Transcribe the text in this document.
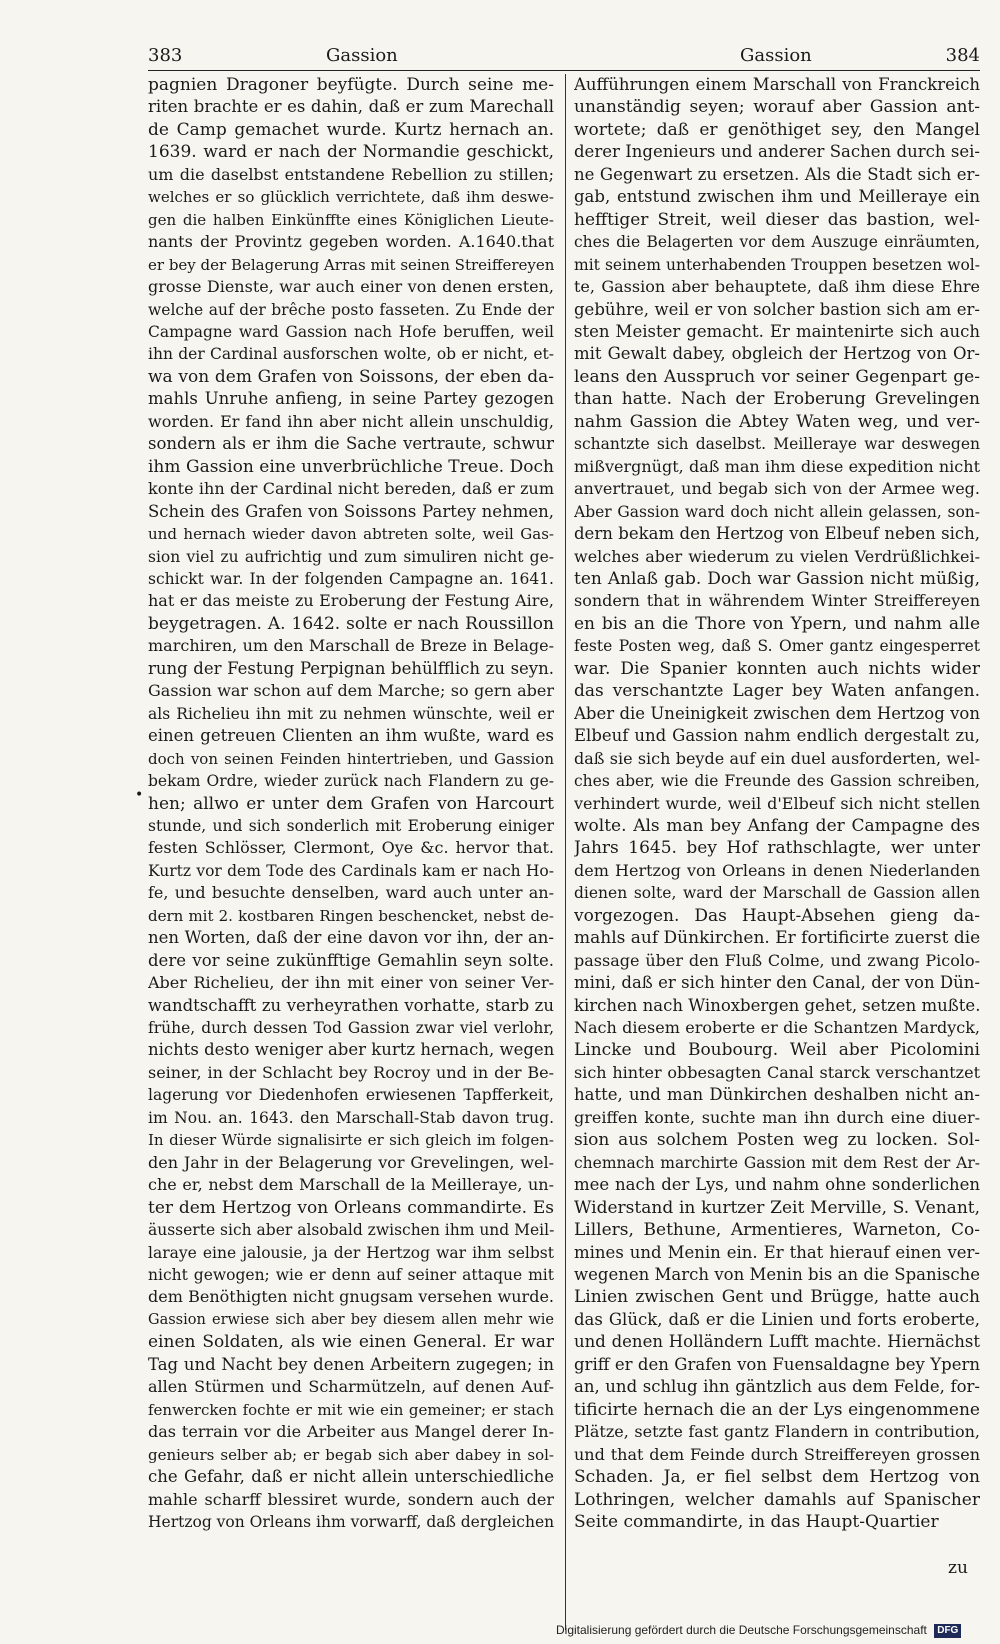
383	Gassion	Gassion	384
pagnien Dragoner beyfügte. Durch seine me-
riten brachte er es dahin, daß er zum Marechall
de Camp gemachet wurde. Kurtz hernach an.
1639. ward er nach der Normandie geschickt,
um die daselbst entstandene Rebellion zu stillen;
welches er so glücklich verrichtete, daß ihm deswe-
gen die halben Einkünffte eines Königlichen Lieute-
nants der Provintz gegeben worden. A.1640.that
er bey der Belagerung Arras mit seinen Streiffereyen
grosse Dienste, war auch einer von denen ersten,
welche auf der brêche posto fasseten. Zu Ende der
Campagne ward Gassion nach Hofe beruffen, weil
ihn der Cardinal ausforschen wolte, ob er nicht, et-
wa von dem Grafen von Soissons, der eben da-
mahls Unruhe anfieng, in seine Partey gezogen
worden. Er fand ihn aber nicht allein unschuldig,
sondern als er ihm die Sache vertraute, schwur
ihm Gassion eine unverbrüchliche Treue. Doch
konte ihn der Cardinal nicht bereden, daß er zum
Schein des Grafen von Soissons Partey nehmen,
und hernach wieder davon abtreten solte, weil Gas-
sion viel zu aufrichtig und zum simuliren nicht ge-
schickt war. In der folgenden Campagne an. 1641.
hat er das meiste zu Eroberung der Festung Aire,
beygetragen. A. 1642. solte er nach Roussillon
marchiren, um den Marschall de Breze in Belage-
rung der Festung Perpignan behülfflich zu seyn.
Gassion war schon auf dem Marche; so gern aber
als Richelieu ihn mit zu nehmen wünschte, weil er
einen getreuen Clienten an ihm wußte, ward es
doch von seinen Feinden hintertrieben, und Gassion
bekam Ordre, wieder zurück nach Flandern zu ge-
hen; allwo er unter dem Grafen von Harcourt
stunde, und sich sonderlich mit Eroberung einiger
festen Schlösser, Clermont, Oye &c. hervor that.
Kurtz vor dem Tode des Cardinals kam er nach Ho-
fe, und besuchte denselben, ward auch unter an-
dern mit 2. kostbaren Ringen beschencket, nebst de-
nen Worten, daß der eine davon vor ihn, der an-
dere vor seine zukünfftige Gemahlin seyn solte.
Aber Richelieu, der ihn mit einer von seiner Ver-
wandtschafft zu verheyrathen vorhatte, starb zu
frühe, durch dessen Tod Gassion zwar viel verlohr,
nichts desto weniger aber kurtz hernach, wegen
seiner, in der Schlacht bey Rocroy und in der Be-
lagerung vor Diedenhofen erwiesenen Tapfferkeit,
im Nou. an. 1643. den Marschall-Stab davon trug.
In dieser Würde signalisirte er sich gleich im folgen-
den Jahr in der Belagerung vor Grevelingen, wel-
che er, nebst dem Marschall de la Meilleraye, un-
ter dem Hertzog von Orleans commandirte. Es
äusserte sich aber alsobald zwischen ihm und Meil-
laraye eine jalousie, ja der Hertzog war ihm selbst
nicht gewogen; wie er denn auf seiner attaque mit
dem Benöthigten nicht gnugsam versehen wurde.
Gassion erwiese sich aber bey diesem allen mehr wie
einen Soldaten, als wie einen General. Er war
Tag und Nacht bey denen Arbeitern zugegen; in
allen Stürmen und Scharmützeln, auf denen Auf-
fenwercken fochte er mit wie ein gemeiner; er stach
das terrain vor die Arbeiter aus Mangel derer In-
genieurs selber ab; er begab sich aber dabey in sol-
che Gefahr, daß er nicht allein unterschiedliche
mahle scharff blessiret wurde, sondern auch der
Hertzog von Orleans ihm vorwarff, daß dergleichen
Aufführungen einem Marschall von Franckreich
unanständig seyen; worauf aber Gassion ant-
wortete; daß er genöthiget sey, den Mangel
derer Ingenieurs und anderer Sachen durch sei-
ne Gegenwart zu ersetzen. Als die Stadt sich er-
gab, entstund zwischen ihm und Meilleraye ein
hefftiger Streit, weil dieser das bastion, wel-
ches die Belagerten vor dem Auszuge einräumten,
mit seinem unterhabenden Trouppen besetzen wol-
te, Gassion aber behauptete, daß ihm diese Ehre
gebühre, weil er von solcher bastion sich am er-
sten Meister gemacht. Er maintenirte sich auch
mit Gewalt dabey, obgleich der Hertzog von Or-
leans den Ausspruch vor seiner Gegenpart ge-
than hatte. Nach der Eroberung Grevelingen
nahm Gassion die Abtey Waten weg, und ver-
schantzte sich daselbst. Meilleraye war deswegen
mißvergnügt, daß man ihm diese expedition nicht
anvertrauet, und begab sich von der Armee weg.
Aber Gassion ward doch nicht allein gelassen, son-
dern bekam den Hertzog von Elbeuf neben sich,
welches aber wiederum zu vielen Verdrüßlichkei-
ten Anlaß gab. Doch war Gassion nicht müßig,
sondern that in währendem Winter Streiffereyen
en bis an die Thore von Ypern, und nahm alle
feste Posten weg, daß S. Omer gantz eingesperret
war. Die Spanier konnten auch nichts wider
das verschantzte Lager bey Waten anfangen.
Aber die Uneinigkeit zwischen dem Hertzog von
Elbeuf und Gassion nahm endlich dergestalt zu,
daß sie sich beyde auf ein duel ausforderten, wel-
ches aber, wie die Freunde des Gassion schreiben,
verhindert wurde, weil d'Elbeuf sich nicht stellen
wolte. Als man bey Anfang der Campagne des
Jahrs 1645. bey Hof rathschlagte, wer unter
dem Hertzog von Orleans in denen Niederlanden
dienen solte, ward der Marschall de Gassion allen
vorgezogen. Das Haupt-Absehen gieng da-
mahls auf Dünkirchen. Er fortificirte zuerst die
passage über den Fluß Colme, und zwang Picolo-
mini, daß er sich hinter den Canal, der von Dün-
kirchen nach Winoxbergen gehet, setzen mußte.
Nach diesem eroberte er die Schantzen Mardyck,
Lincke und Boubourg. Weil aber Picolomini
sich hinter obbesagten Canal starck verschantzet
hatte, und man Dünkirchen deshalben nicht an-
greiffen konte, suchte man ihn durch eine diuer-
sion aus solchem Posten weg zu locken. Sol-
chemnach marchirte Gassion mit dem Rest der Ar-
mee nach der Lys, und nahm ohne sonderlichen
Widerstand in kurtzer Zeit Merville, S. Venant,
Lillers, Bethune, Armentieres, Warneton, Co-
mines und Menin ein. Er that hierauf einen ver-
wegenen March von Menin bis an die Spanische
Linien zwischen Gent und Brügge, hatte auch
das Glück, daß er die Linien und forts eroberte,
und denen Holländern Lufft machte. Hiernächst
griff er den Grafen von Fuensaldagne bey Ypern
an, und schlug ihn gäntzlich aus dem Felde, for-
tificirte hernach die an der Lys eingenommene
Plätze, setzte fast gantz Flandern in contribution,
und that dem Feinde durch Streiffereyen grossen
Schaden. Ja, er fiel selbst dem Hertzog von
Lothringen, welcher damahls auf Spanischer
Seite commandirte, in das Haupt-Quartier
•
zu
Digitalisierung gefördert durch die Deutsche Forschungsgemeinschaft DFG
